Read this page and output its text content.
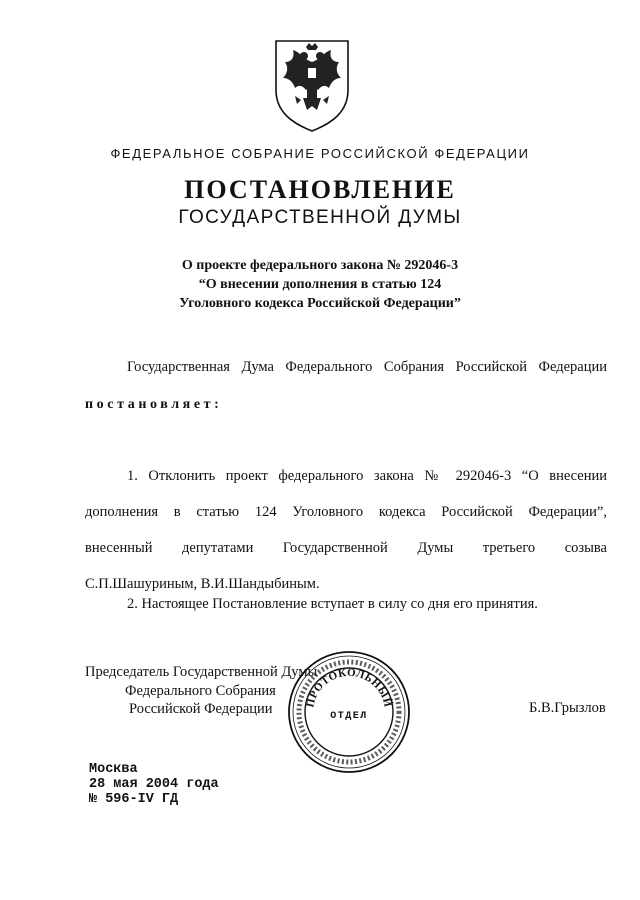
ФЕДЕРАЛЬНОЕ СОБРАНИЕ РОССИЙСКОЙ ФЕДЕРАЦИИ
ПОСТАНОВЛЕНИЕ
ГОСУДАРСТВЕННОЙ ДУМЫ
О проекте федерального закона № 292046-3
“О внесении дополнения в статью 124
Уголовного кодекса Российской Федерации”
Государственная Дума Федерального Собрания Российской Федерации
постановляет:
1. Отклонить проект федерального закона № 292046-3 “О внесении
дополнения в статью 124 Уголовного кодекса Российской Федерации”,
внесенный депутатами Государственной Думы третьего созыва
С.П.Шашуриным, В.И.Шандыбиным.
2. Настоящее Постановление вступает в силу со дня его принятия.
Председатель Государственной Думы
Федерального Собрания
Российской Федерации	ПРОТОКОЛЬНЫЙ
ОТДЕЛ
Б.В.Грызлов
Москва
28 мая 2004 года
№ 596-IV ГД
